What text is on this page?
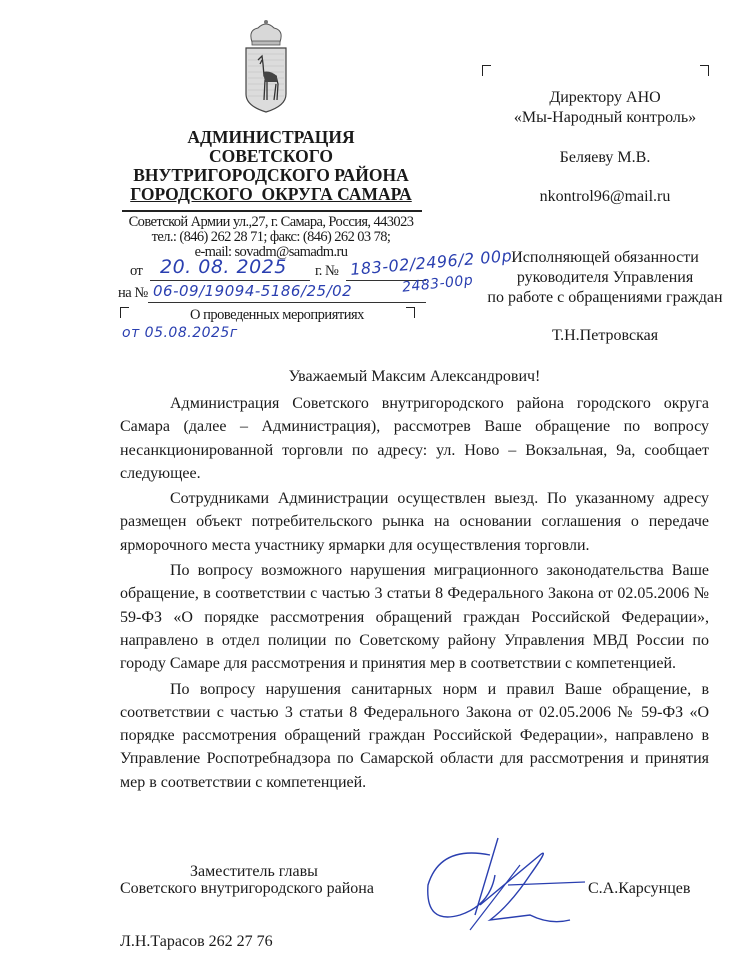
АДМИНИСТРАЦИЯ
СОВЕТСКОГО
ВНУТРИГОРОДСКОГО РАЙОНА
ГОРОДСКОГО  ОКРУГА САМАРА
Советской Армии ул.,27, г. Самара, Россия, 443023
тел.: (846) 262 28 71; факс: (846) 262 03 78;
e-mail: sovadm@samadm.ru
от 20. 08. 2025 г. № 183-02/2496/2 00р
на № 06-09/19094-5186/25/02	2483-00р
О проведенных мероприятиях
от 05.08.2025г
Директору АНО
«Мы-Народный контроль»
Беляеву М.В.
nkontrol96@mail.ru
Исполняющей обязанности
руководителя Управления
по работе с обращениями граждан
Т.Н.Петровская
Уважаемый Максим Александрович!

Администрация Советского внутригородского района городского округа Самара (далее – Администрация), рассмотрев Ваше обращение по вопросу несанкционированной торговли по адресу: ул. Ново – Вокзальная, 9а, сообщает следующее.

Сотрудниками Администрации осуществлен выезд. По указанному адресу размещен объект потребительского рынка на основании соглашения о передаче ярморочного места участнику ярмарки для осуществления торговли.

По вопросу возможного нарушения миграционного законодательства Ваше обращение, в соответствии с частью 3 статьи 8 Федерального Закона от 02.05.2006 № 59-ФЗ «О порядке рассмотрения обращений граждан Российской Федерации», направлено в отдел полиции по Советскому району Управления МВД России по городу Самаре для рассмотрения и принятия мер в соответствии с компетенцией.

По вопросу нарушения санитарных норм и правил Ваше обращение, в соответствии с частью 3 статьи 8 Федерального Закона от 02.05.2006 № 59-ФЗ «О порядке рассмотрения обращений граждан Российской Федерации», направлено в Управление Роспотребнадзора по Самарской области для рассмотрения и принятия мер в соответствии с компетенцией.

Заместитель главы
Советского внутригородского района	С.А.Карсунцев
Л.Н.Тарасов 262 27 76
